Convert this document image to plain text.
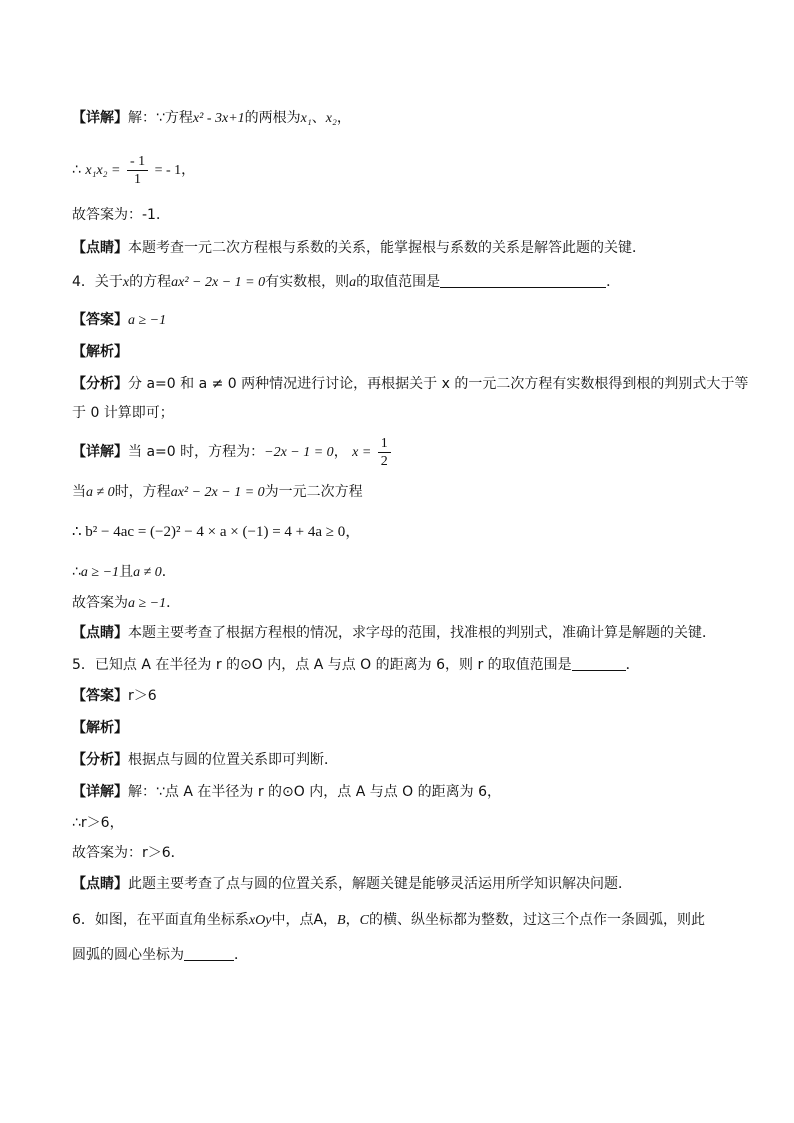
【详解】解：∵方程x² - 3x+1的两根为x₁、x₂，
∴ $x_1x_2 = \frac{- 1}{1}$ = - 1，
故答案为：-1．
【点睛】本题考查一元二次方程根与系数的关系，能掌握根与系数的关系是解答此题的关键．
4．关于x的方程ax² − 2x − 1 = 0有实数根，则a的取值范围是	．
【答案】a ≥ −1
【解析】
【分析】分 a=0 和 a ≠ 0 两种情况进行讨论，再根据关于 x 的一元二次方程有实数根得到根的判别式大于等
于 0 计算即可；
【详解】当 a=0 时，方程为：−2x − 1 = 0， $x = \frac{1}{2}$
当a ≠ 0时，方程ax² − 2x − 1 = 0为一元二次方程
∴ b² − 4ac = (−2)² − 4 × a × (−1) = 4 + 4a ≥ 0，
∴a ≥ −1且a ≠ 0．
故答案为a ≥ −1．
【点睛】本题主要考查了根据方程根的情况，求字母的范围，找准根的判别式，准确计算是解题的关键．
5．已知点 A 在半径为 r 的⊙O 内，点 A 与点 O 的距离为 6，则 r 的取值范围是	．
【答案】r＞6
【解析】
【分析】根据点与圆的位置关系即可判断．
【详解】解：∵点 A 在半径为 r 的⊙O 内，点 A 与点 O 的距离为 6，
∴r＞6，
故答案为：r＞6．
【点睛】此题主要考查了点与圆的位置关系，解题关键是能够灵活运用所学知识解决问题．
6．如图，在平面直角坐标系xOy中，点A，B，C的横、纵坐标都为整数，过这三个点作一条圆弧，则此
圆弧的圆心坐标为	．
